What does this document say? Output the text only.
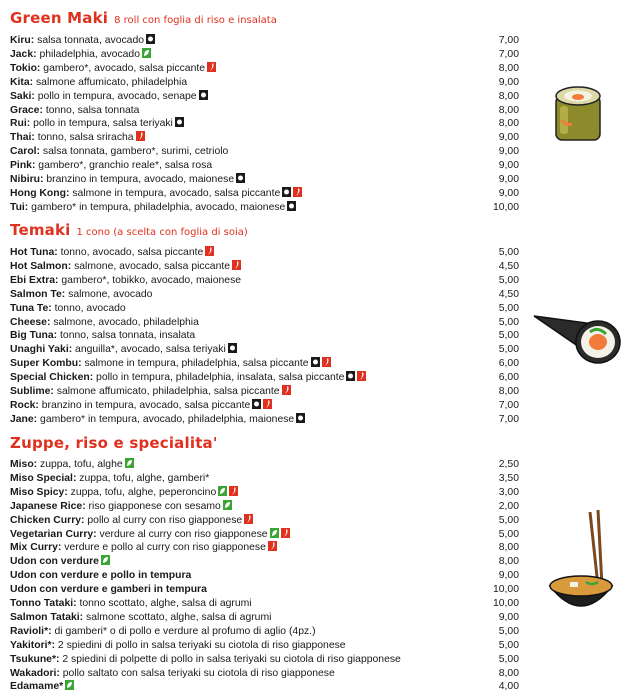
Green Maki 8 roll con foglia di riso e insalata
Kiru: salsa tonnata, avocado	7,00
Jack: philadelphia, avocado	7,00
Tokio: gambero*, avocado, salsa piccante	8,00
Kita: salmone affumicato, philadelphia	9,00
Saki: pollo in tempura, avocado, senape	8,00
Grace: tonno, salsa tonnata	8,00
Rui: pollo in tempura, salsa teriyaki	8,00
Thai: tonno, salsa sriracha	9,00
Carol: salsa tonnata, gambero*, surimi, cetriolo	9,00
Pink: gambero*, granchio reale*, salsa rosa	9,00
Nibiru: branzino in tempura, avocado, maionese	9,00
Hong Kong: salmone in tempura, avocado, salsa piccante	9,00
Tui: gambero* in tempura, philadelphia, avocado, maionese	10,00
Temaki 1 cono (a scelta con foglia di soia)
Hot Tuna: tonno, avocado, salsa piccante	5,00
Hot Salmon: salmone, avocado, salsa piccante	4,50
Ebi Extra: gambero*, tobikko, avocado, maionese	5,00
Salmon Te: salmone, avocado	4,50
Tuna Te: tonno, avocado	5,00
Cheese: salmone, avocado, philadelphia	5,00
Big Tuna: tonno, salsa tonnata, insalata	5,00
Unaghi Yaki: anguilla*, avocado, salsa teriyaki	5,00
Super Kombu: salmone in tempura, philadelphia, salsa piccante	6,00
Special Chicken: pollo in tempura, philadelphia, insalata, salsa piccante	6,00
Sublime: salmone affumicato, philadelphia, salsa piccante	8,00
Rock: branzino in tempura, avocado, salsa piccante	7,00
Jane: gambero* in tempura, avocado, philadelphia, maionese	7,00
Zuppe, riso e specialita'
Miso: zuppa, tofu, alghe	2,50
Miso Special: zuppa, tofu, alghe, gamberi*	3,50
Miso Spicy: zuppa, tofu, alghe, peperoncino	3,00
Japanese Rice: riso giapponese con sesamo	2,00
Chicken Curry: pollo al curry con riso giapponese	5,00
Vegetarian Curry: verdure al curry con riso giapponese	5,00
Mix Curry: verdure e pollo al curry con riso giapponese	8,00
Udon con verdure	8,00
Udon con verdure e pollo in tempura	9,00
Udon con verdure e gamberi in tempura	10,00
Tonno Tataki: tonno scottato, alghe, salsa di agrumi	10,00
Salmon Tataki: salmone scottato, alghe, salsa di agrumi	9,00
Ravioli*: di gamberi* o di pollo e verdure al profumo di aglio (4pz.)	5,00
Yakitori*: 2 spiedini di pollo in salsa teriyaki su ciotola di riso giapponese	5,00
Tsukune*: 2 spiedini di polpette di pollo in salsa teriyaki su ciotola di riso giapponese	5,00
Wakadori: pollo saltato con salsa teriyaki su ciotola di riso giapponese	8,00
Edamame*	4,00
